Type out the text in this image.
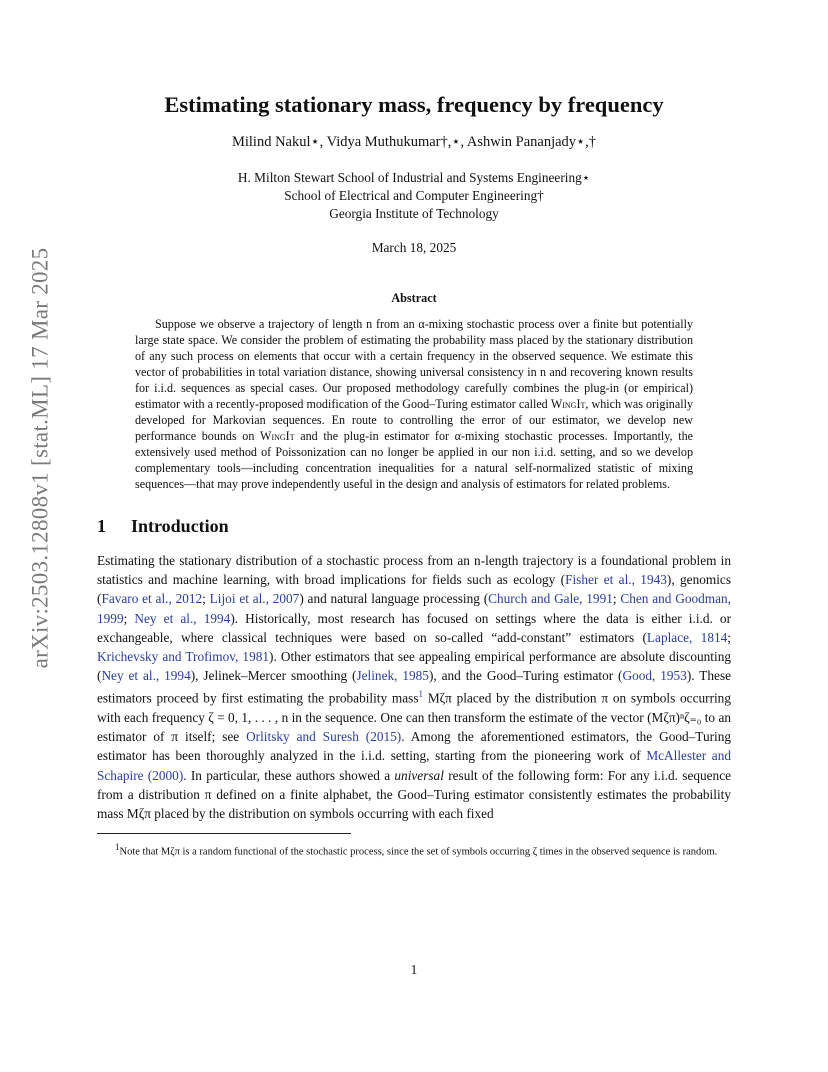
arXiv:2503.12808v1 [stat.ML] 17 Mar 2025
Estimating stationary mass, frequency by frequency
Milind Nakul⋆, Vidya Muthukumar†,⋆, Ashwin Pananjady⋆,†
H. Milton Stewart School of Industrial and Systems Engineering⋆
School of Electrical and Computer Engineering†
Georgia Institute of Technology
March 18, 2025
Abstract
Suppose we observe a trajectory of length n from an α-mixing stochastic process over a finite but potentially large state space. We consider the problem of estimating the probability mass placed by the stationary distribution of any such process on elements that occur with a certain frequency in the observed sequence. We estimate this vector of probabilities in total variation distance, showing universal consistency in n and recovering known results for i.i.d. sequences as special cases. Our proposed methodology carefully combines the plug-in (or empirical) estimator with a recently-proposed modification of the Good–Turing estimator called WingIt, which was originally developed for Markovian sequences. En route to controlling the error of our estimator, we develop new performance bounds on WingIt and the plug-in estimator for α-mixing stochastic processes. Importantly, the extensively used method of Poissonization can no longer be applied in our non i.i.d. setting, and so we develop complementary tools—including concentration inequalities for a natural self-normalized statistic of mixing sequences—that may prove independently useful in the design and analysis of estimators for related problems.
1 Introduction
Estimating the stationary distribution of a stochastic process from an n-length trajectory is a foundational problem in statistics and machine learning, with broad implications for fields such as ecology (Fisher et al., 1943), genomics (Favaro et al., 2012; Lijoi et al., 2007) and natural language processing (Church and Gale, 1991; Chen and Goodman, 1999; Ney et al., 1994). Historically, most research has focused on settings where the data is either i.i.d. or exchangeable, where classical techniques were based on so-called “add-constant” estimators (Laplace, 1814; Krichevsky and Trofimov, 1981). Other estimators that see appealing empirical performance are absolute discounting (Ney et al., 1994), Jelinek–Mercer smoothing (Jelinek, 1985), and the Good–Turing estimator (Good, 1953). These estimators proceed by first estimating the probability mass$^1$ Mζπ placed by the distribution π on symbols occurring with each frequency ζ = 0, 1, . . . , n in the sequence. One can then transform the estimate of the vector (Mζπ)ⁿζ₌₀ to an estimator of π itself; see Orlitsky and Suresh (2015). Among the aforementioned estimators, the Good–Turing estimator has been thoroughly analyzed in the i.i.d. setting, starting from the pioneering work of McAllester and Schapire (2000). In particular, these authors showed a universal result of the following form: For any i.i.d. sequence from a distribution π defined on a finite alphabet, the Good–Turing estimator consistently estimates the probability mass Mζπ placed by the distribution on symbols occurring with each fixed
$^1$Note that Mζπ is a random functional of the stochastic process, since the set of symbols occurring ζ times in the observed sequence is random.
1
